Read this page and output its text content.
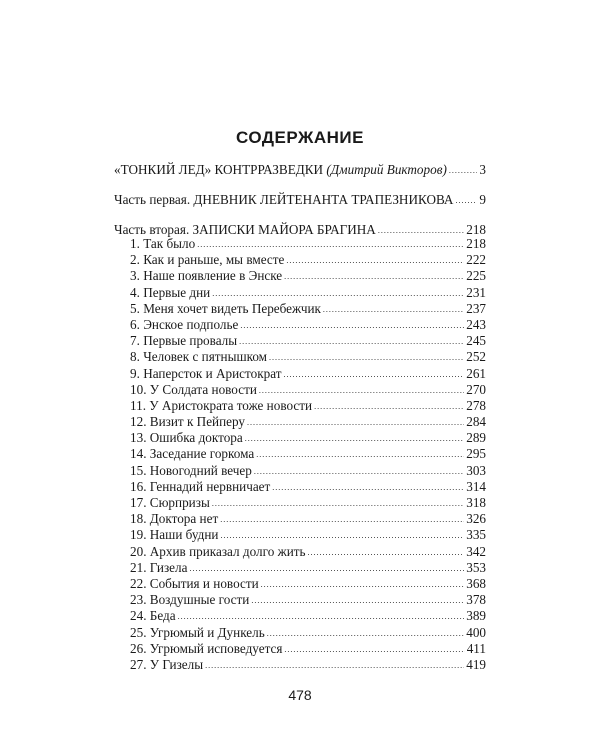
СОДЕРЖАНИЕ
«ТОНКИЙ ЛЕД» КОНТРРАЗВЕДКИ (Дмитрий Викторов) . . . 3
Часть первая. ДНЕВНИК ЛЕЙТЕНАНТА ТРАПЕЗНИКОВА . . . 9
Часть вторая. ЗАПИСКИ МАЙОРА БРАГИНА . . .	218
1. Так было . . .	218
2. Как и раньше, мы вместе . . .	222
3. Наше появление в Энске . . .	225
4. Первые дни . . .	231
5. Меня хочет видеть Перебежчик . . .	237
6. Энское подполье . . .	243
7. Первые провалы . . .	245
8. Человек с пятнышком . . .	252
9. Наперсток и Аристократ . . .	261
10. У Солдата новости . . .	270
11. У Аристократа тоже новости . . .	278
12. Визит к Пейперу . . .	284
13. Ошибка доктора . . .	289
14. Заседание горкома . . .	295
15. Новогодний вечер . . .	303
16. Геннадий нервничает . . .	314
17. Сюрпризы . . .	318
18. Доктора нет . . .	326
19. Наши будни . . .	335
20. Архив приказал долго жить . . .	342
21. Гизела . . .	353
22. События и новости . . .	368
23. Воздушные гости . . .	378
24. Беда . . .	389
25. Угрюмый и Дункель . . .	400
26. Угрюмый исповедуется . . .	411
27. У Гизелы . . .	419
478
